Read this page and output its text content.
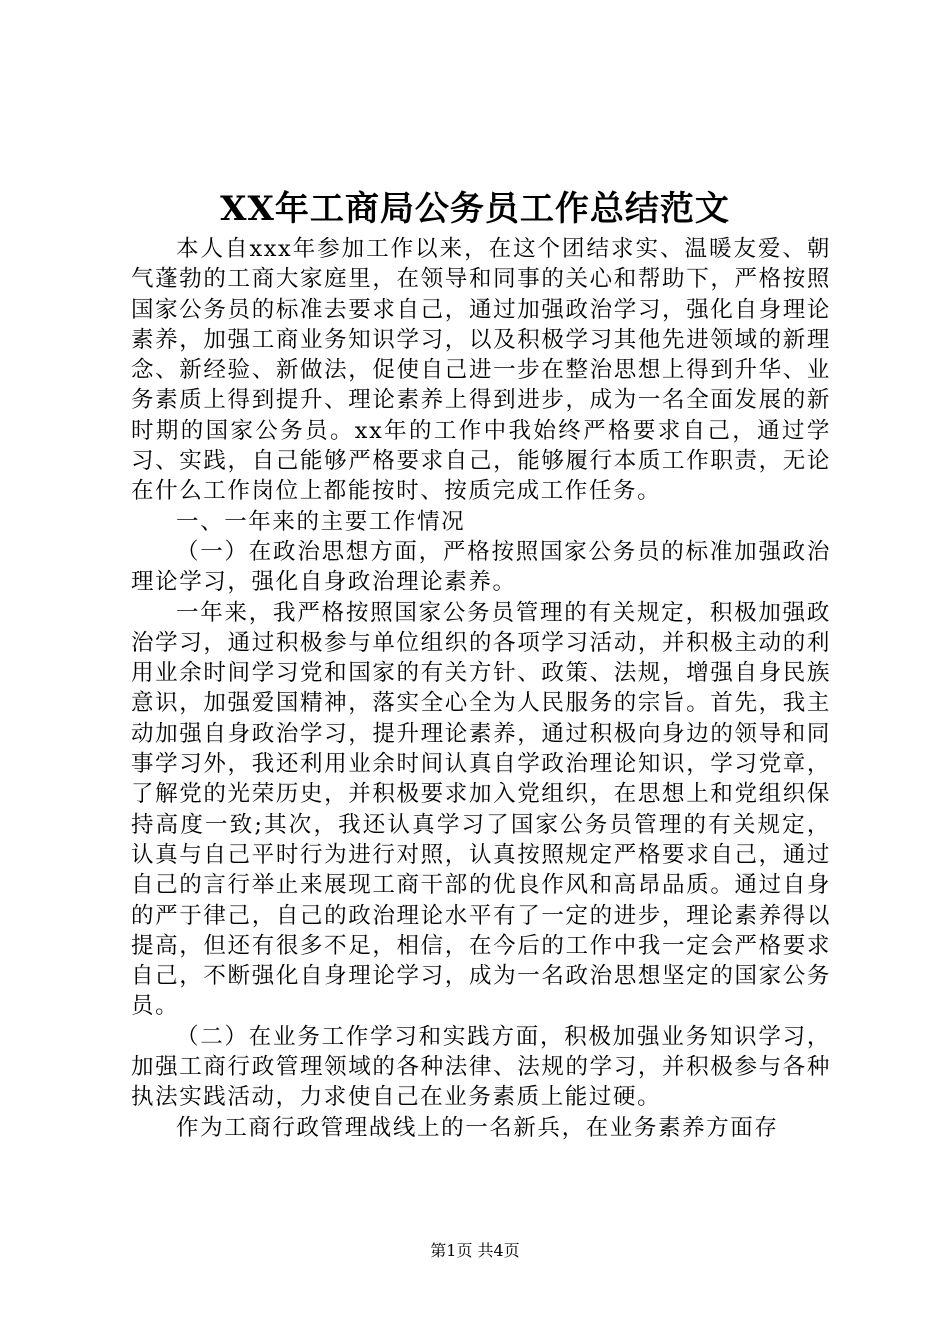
XX年工商局公务员工作总结范文

本人自xxx年参加工作以来，在这个团结求实、温暖友爱、朝气蓬勃的工商大家庭里，在领导和同事的关心和帮助下，严格按照国家公务员的标准去要求自己，通过加强政治学习，强化自身理论素养，加强工商业务知识学习，以及积极学习其他先进领域的新理念、新经验、新做法，促使自己进一步在整治思想上得到升华、业务素质上得到提升、理论素养上得到进步，成为一名全面发展的新时期的国家公务员。xx年的工作中我始终严格要求自己，通过学习、实践，自己能够严格要求自己，能够履行本质工作职责，无论在什么工作岗位上都能按时、按质完成工作任务。

一、一年来的主要工作情况

（一）在政治思想方面，严格按照国家公务员的标准加强政治理论学习，强化自身政治理论素养。

一年来，我严格按照国家公务员管理的有关规定，积极加强政治学习，通过积极参与单位组织的各项学习活动，并积极主动的利用业余时间学习党和国家的有关方针、政策、法规，增强自身民族意识，加强爱国精神，落实全心全为人民服务的宗旨。首先，我主动加强自身政治学习，提升理论素养，通过积极向身边的领导和同事学习外，我还利用业余时间认真自学政治理论知识，学习党章，了解党的光荣历史，并积极要求加入党组织，在思想上和党组织保持高度一致;其次，我还认真学习了国家公务员管理的有关规定，认真与自己平时行为进行对照，认真按照规定严格要求自己，通过自己的言行举止来展现工商干部的优良作风和高昂品质。通过自身的严于律己，自己的政治理论水平有了一定的进步，理论素养得以提高，但还有很多不足，相信，在今后的工作中我一定会严格要求自己，不断强化自身理论学习，成为一名政治思想坚定的国家公务员。

（二）在业务工作学习和实践方面，积极加强业务知识学习，加强工商行政管理领域的各种法律、法规的学习，并积极参与各种执法实践活动，力求使自己在业务素质上能过硬。

作为工商行政管理战线上的一名新兵，在业务素养方面存

第1页 共4页
